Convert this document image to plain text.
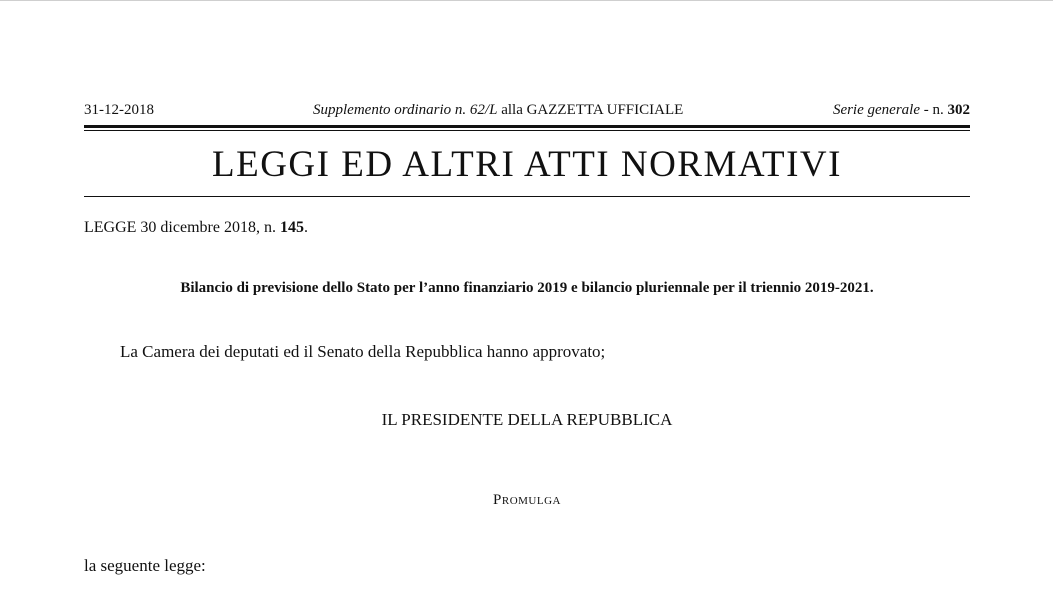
31-12-2018	Supplemento ordinario n. 62/L alla GAZZETTA UFFICIALE	Serie generale - n. 302
LEGGI ED ALTRI ATTI NORMATIVI
LEGGE 30 dicembre 2018, n. 145.
Bilancio di previsione dello Stato per l’anno finanziario 2019 e bilancio pluriennale per il triennio 2019-2021.
La Camera dei deputati ed il Senato della Repubblica hanno approvato;
IL PRESIDENTE DELLA REPUBBLICA
Promulga
la seguente legge:
